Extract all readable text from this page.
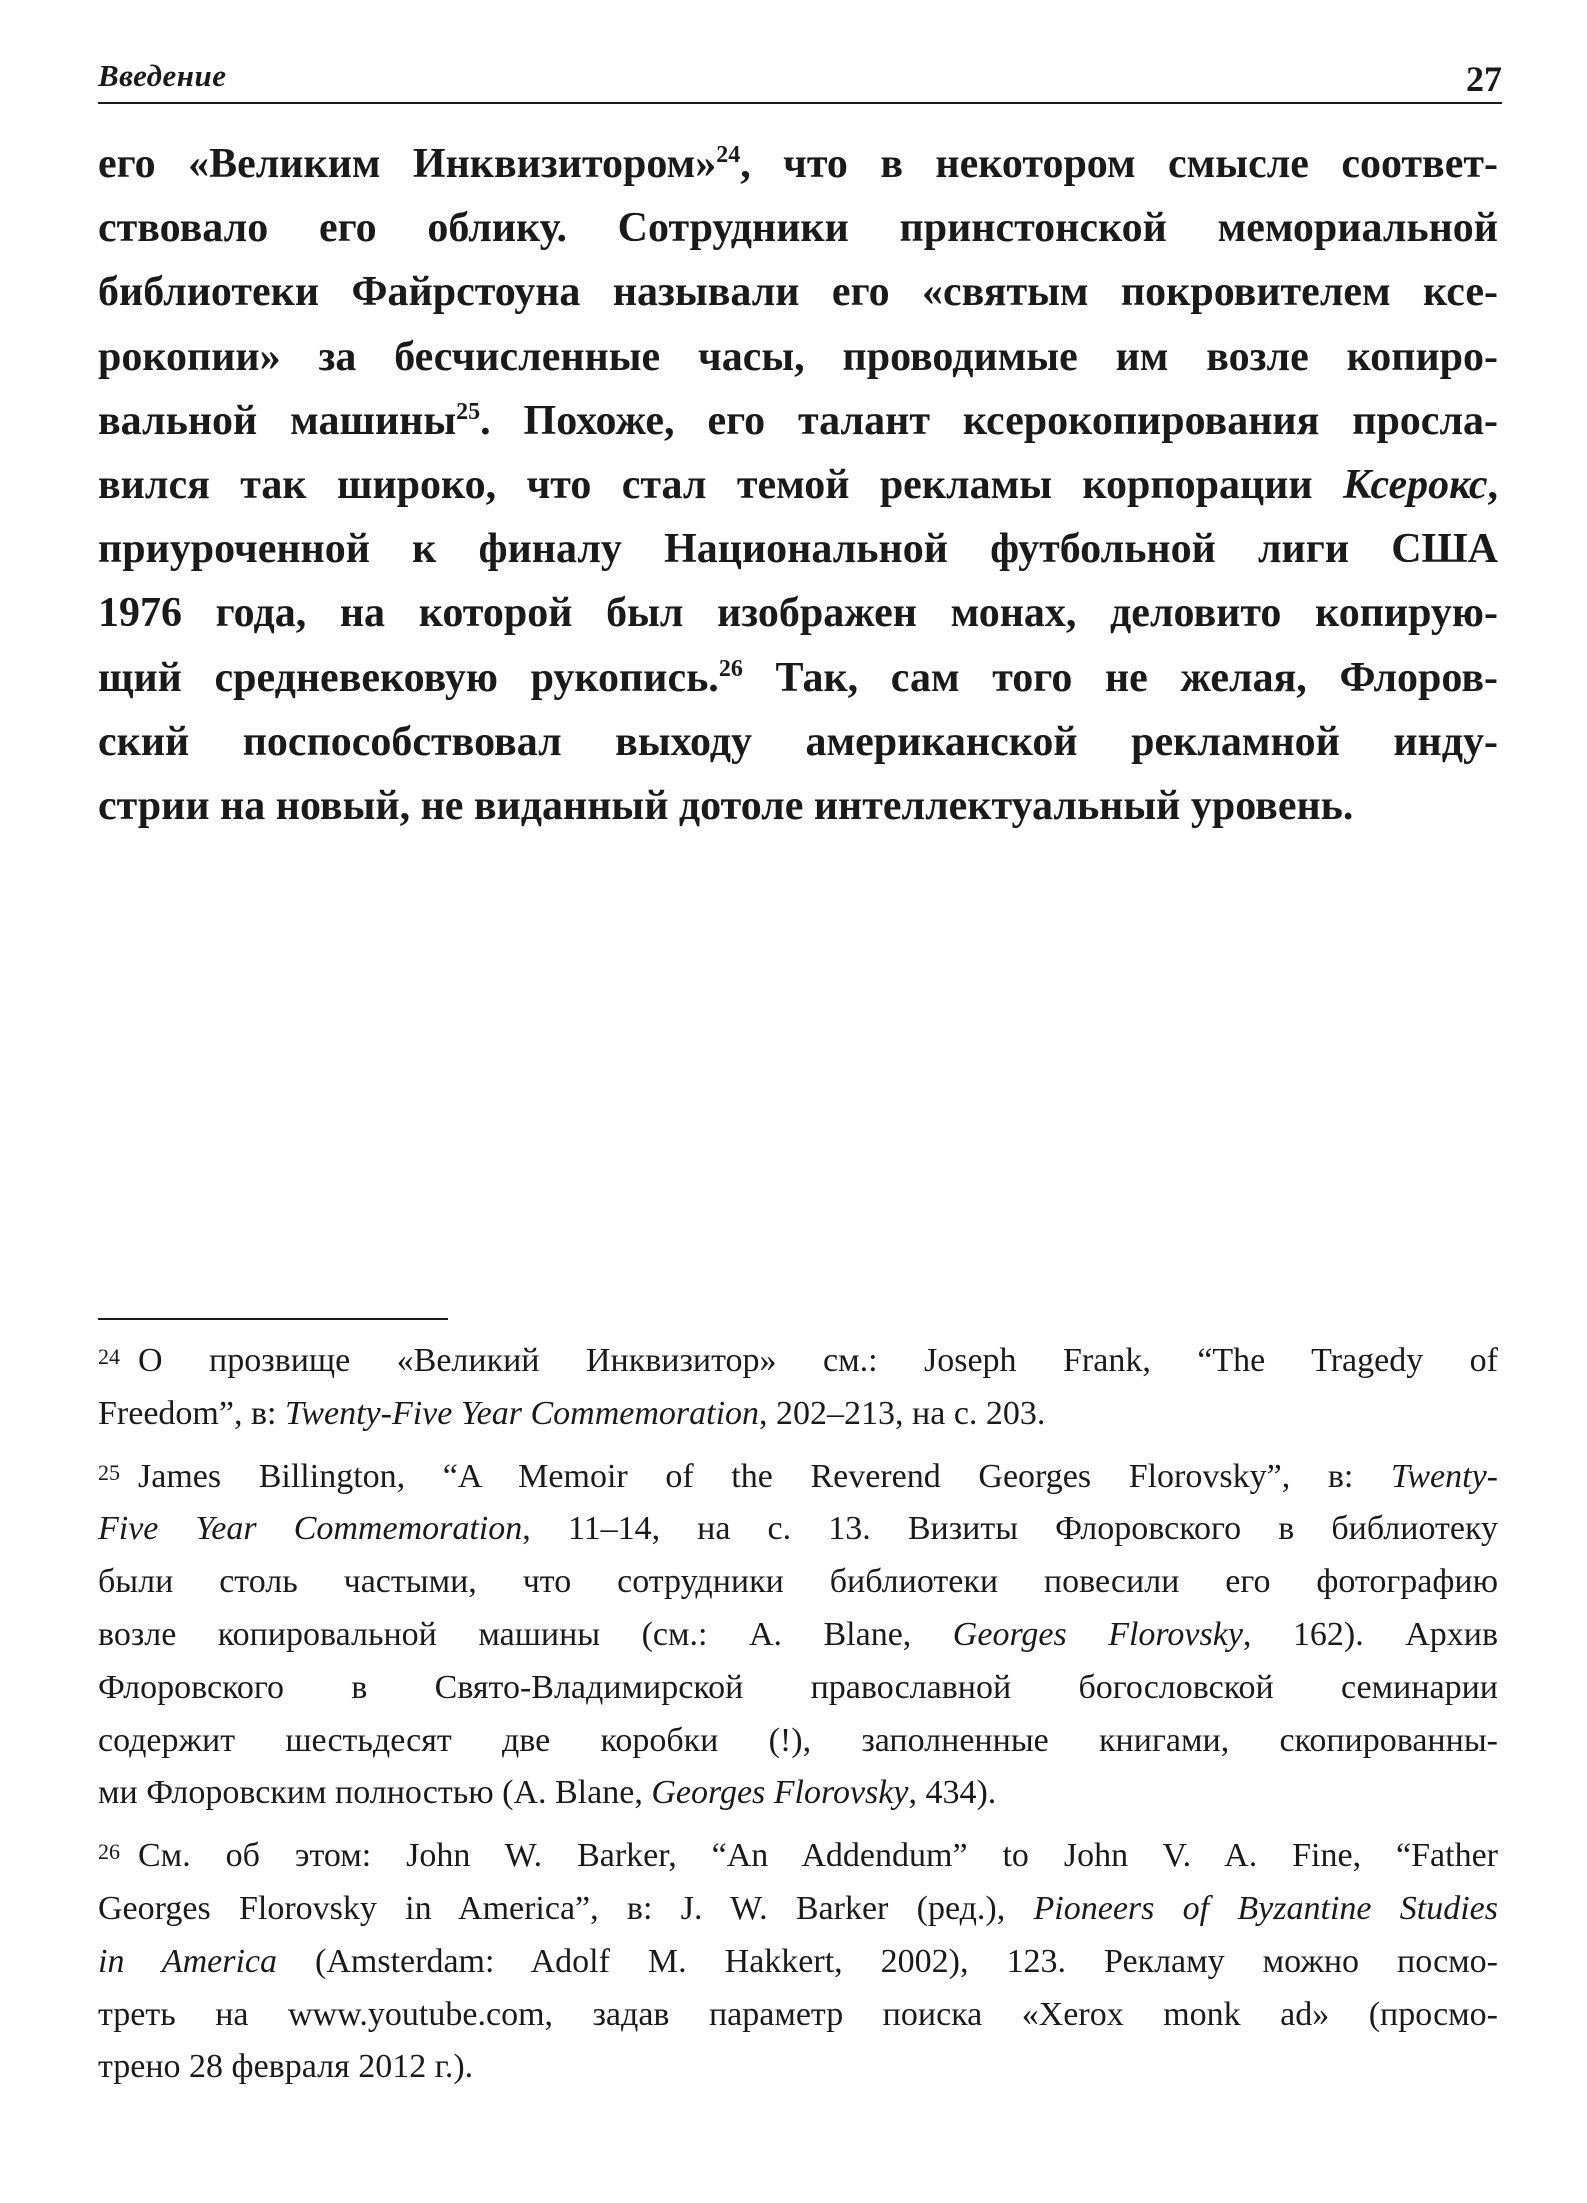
Введение	27
его «Великим Инквизитором»$^{24}$, что в некотором смысле соответ-
ствовало его облику. Сотрудники принстонской мемориальной
библиотеки Файрстоуна называли его «святым покровителем ксе-
рокопии» за бесчисленные часы, проводимые им возле копиро-
вальной машины$^{25}$. Похоже, его талант ксерокопирования просла-
вился так широко, что стал темой рекламы корпорации Ксерокс,
приуроченной к финалу Национальной футбольной лиги США
1976 года, на которой был изображен монах, деловито копирую-
щий средневековую рукопись.$^{26}$ Так, сам того не желая, Флоров-
ский поспособствовал выходу американской рекламной инду-
стрии на новый, не виданный дотоле интеллектуальный уровень.
$^{24}$ О прозвище «Великий Инквизитор» см.: Joseph Frank, “The Tragedy of
Freedom”, в: Twenty-Five Year Commemoration, 202–213, на с. 203.
$^{25}$ James Billington, “A Memoir of the Reverend Georges Florovsky”, в: Twenty-
Five Year Commemoration, 11–14, на с. 13. Визиты Флоровского в библиотеку
были столь частыми, что сотрудники библиотеки повесили его фотографию
возле копировальной машины (см.: A. Blane, Georges Florovsky, 162). Архив
Флоровского в Свято-Владимирской православной богословской семинарии
содержит шестьдесят две коробки (!), заполненные книгами, скопированны-
ми Флоровским полностью (A. Blane, Georges Florovsky, 434).
$^{26}$ См. об этом: John W. Barker, “An Addendum” to John V. A. Fine, “Father
Georges Florovsky in America”, в: J. W. Barker (ред.), Pioneers of Byzantine Studies
in America (Amsterdam: Adolf M. Hakkert, 2002), 123. Рекламу можно посмо-
треть на www.youtube.com, задав параметр поиска «Xerox monk ad» (просмо-
трено 28 февраля 2012 г.).
